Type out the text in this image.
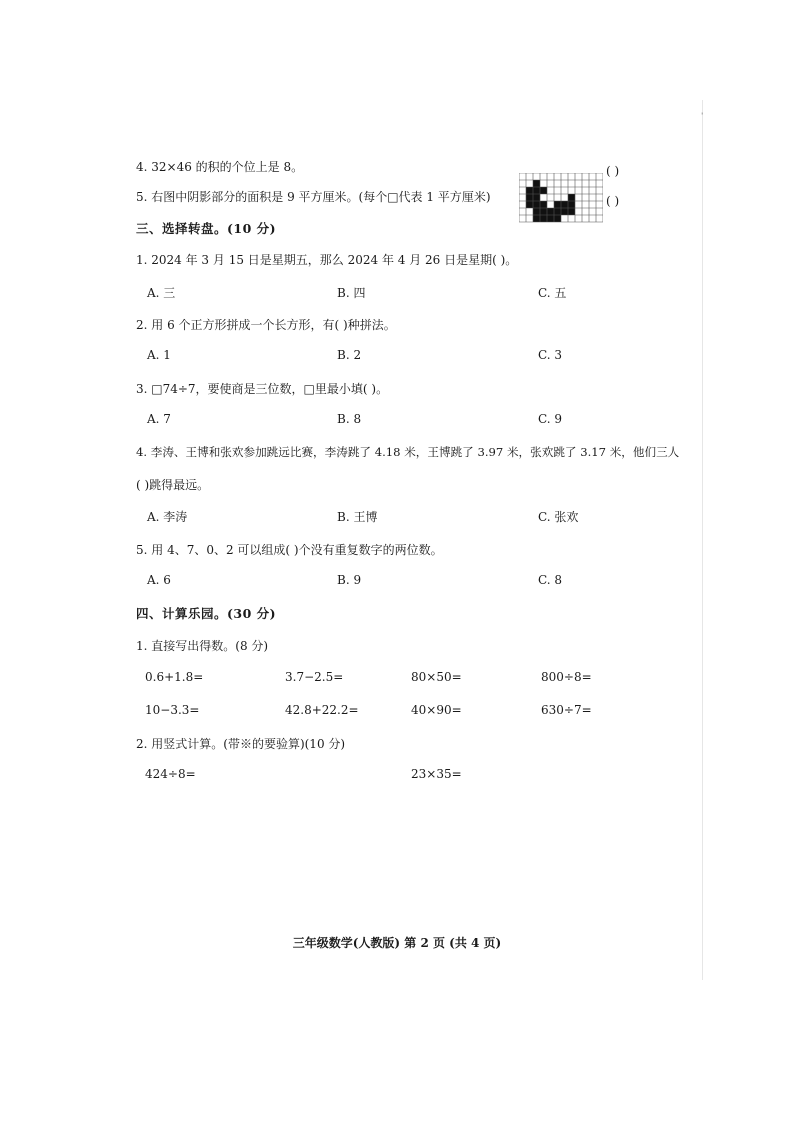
ˈ
4. 32×46 的积的个位上是 8。	( )
5. 右图中阴影部分的面积是 9 平方厘米。(每个□代表 1 平方厘米)	( )
三、选择转盘。(10 分)
1. 2024 年 3 月 15 日是星期五，那么 2024 年 4 月 26 日是星期( )。
A. 三	B. 四	C. 五
2. 用 6 个正方形拼成一个长方形，有( )种拼法。
A. 1	B. 2	C. 3
3. □74÷7，要使商是三位数，□里最小填( )。
A. 7	B. 8	C. 9
4. 李涛、王博和张欢参加跳远比赛，李涛跳了 4.18 米，王博跳了 3.97 米，张欢跳了 3.17 米，他们三人
( )跳得最远。
A. 李涛	B. 王博	C. 张欢
5. 用 4、7、0、2 可以组成( )个没有重复数字的两位数。
A. 6	B. 9	C. 8
四、计算乐园。(30 分)
1. 直接写出得数。(8 分)
0.6+1.8=	3.7−2.5=	80×50=	800÷8=
10−3.3=	42.8+22.2=	40×90=	630÷7=
2. 用竖式计算。(带※的要验算)(10 分)
424÷8=	23×35=
三年级数学(人教版) 第 2 页 (共 4 页)
